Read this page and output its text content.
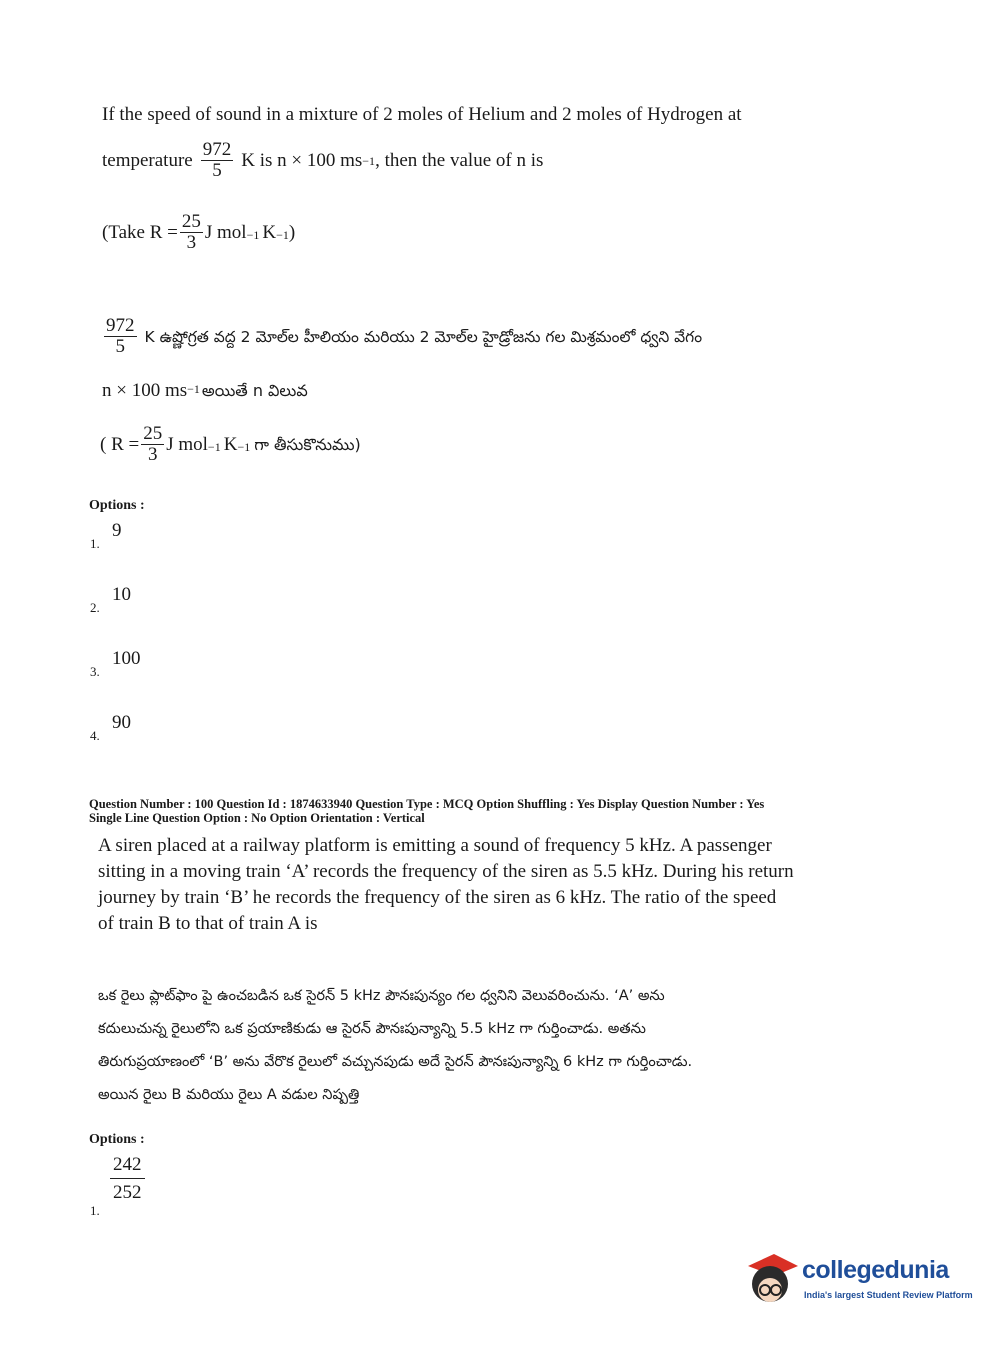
If the speed of sound in a mixture of 2 moles of Helium and 2 moles of Hydrogen at
temperature $\frac{972}{5}$ K is n × 100 ms −1 , then the value of n is
(Take $R = \frac{25}{3}$ J mol −1 K −1 )
$\frac{972}{5}$ K ఉష్ణోగ్రత వద్ద 2 మోల్‌ల హీలియం మరియు 2 మోల్‌ల హైడ్రోజను గల మిశ్రమంలో ధ్వని వేగం
n × 100 ms −1 అయితే n విలువ
( $R = \frac{25}{3}$ J mol −1 K −1 గా తీసుకొనుము)
Options :
9
1.
10
2.
100
3.
90
4.
Question Number : 100 Question Id : 1874633940 Question Type : MCQ Option Shuffling : Yes Display Question Number : Yes
Single Line Question Option : No Option Orientation : Vertical
A siren placed at a railway platform is emitting a sound of frequency 5 kHz. A passenger
sitting in a moving train ‘A’ records the frequency of the siren as 5.5 kHz. During his return
journey by train ‘B’ he records the frequency of the siren as 6 kHz. The ratio of the speed
of train B to that of train A is
ఒక రైలు ప్లాట్‌ఫాం పై ఉంచబడిన ఒక సైరన్ 5 kHz పౌనఃపున్యం గల ధ్వనిని వెలువరించును. ‘A’ అను
కదులుచున్న రైలులోని ఒక ప్రయాణికుడు ఆ సైరన్ పౌనఃపున్యాన్ని 5.5 kHz గా గుర్తించాడు. అతను
తిరుగుప్రయాణంలో ‘B’ అను వేరొక రైలులో వచ్చునపుడు అదే సైరన్ పౌనఃపున్యాన్ని 6 kHz గా గుర్తించాడు.
అయిన రైలు B మరియు రైలు A వడుల నిష్పత్తి
Options :
$\frac{242}{252}$
1.
collegedunia
India's largest Student Review Platform
